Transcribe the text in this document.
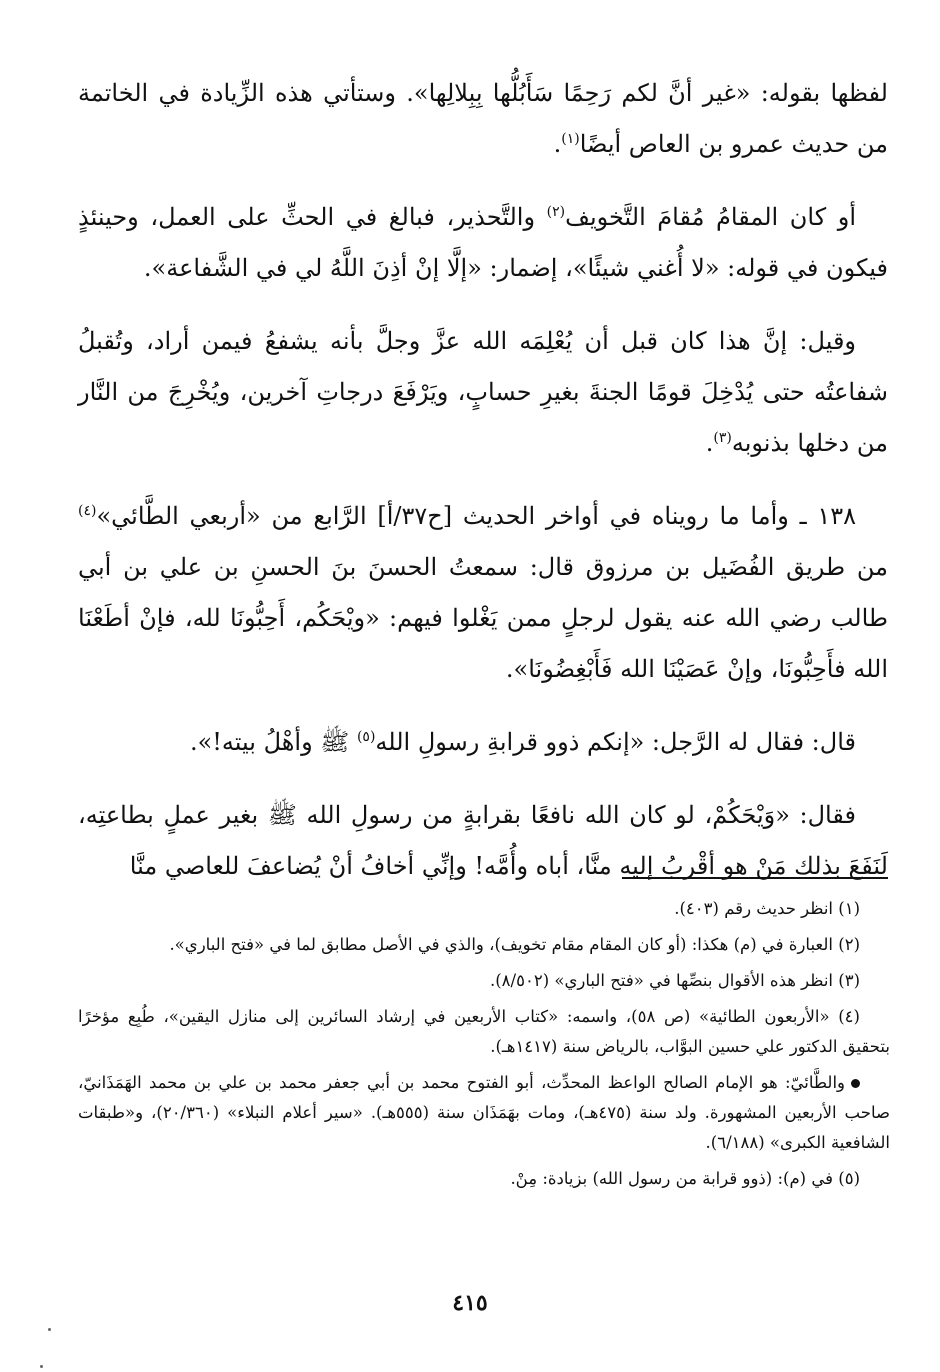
لفظها بقوله: «غير أنَّ لكم رَحِمًا سَأَبُلُّها بِبِلالِها». وستأتي هذه الزِّيادة في الخاتمة من حديث عمرو بن العاص أيضًا$^{(١)}$.

أو كان المقامُ مُقامَ التَّخويف$^{(٢)}$ والتَّحذير، فبالغ في الحثِّ على العمل، وحينئذٍ فيكون في قوله: «لا أُغني شيئًا»، إضمار: «إلَّا إنْ أذِنَ اللَّهُ لي في الشَّفاعة».

وقيل: إنَّ هذا كان قبل أن يُعْلِمَه الله عزَّ وجلَّ بأنه يشفعُ فيمن أراد، وتُقبلُ شفاعتُه حتى يُدْخِلَ قومًا الجنةَ بغيرِ حسابٍ، ويَرْفَعَ درجاتِ آخرين، ويُخْرِجَ من النَّار من دخلها بذنوبه$^{(٣)}$.

١٣٨ ـ وأما ما رويناه في أواخر الحديث [ح٣٧/أ] الرَّابع من «أربعي الطَّائي»$^{(٤)}$ من طريق الفُضَيل بن مرزوق قال: سمعتُ الحسنَ بنَ الحسنِ بن علي بن أبي طالب رضي الله عنه يقول لرجلٍ ممن يَغْلوا فيهم: «ويْحَكُم، أَحِبُّونَا لله، فإنْ أطَعْنَا الله فأَحِبُّونَا، وإنْ عَصَيْنَا الله فَأَبْغِضُونَا».

قال: فقال له الرَّجل: «إنكم ذوو قرابةِ رسولِ الله$^{(٥)}$ ﷺ وأهْلُ بيته!».

فقال: «وَيْحَكُمْ، لو كان الله نافعًا بقرابةٍ من رسولِ الله ﷺ بغير عملٍ بطاعتِه، لَنَفَعَ بذلك مَنْ هو أقْربُ إليه منَّا، أباه وأُمَّه! وإنِّي أخافُ أنْ يُضاعفَ للعاصي منَّا

(١) انظر حديث رقم (٤٠٣).

(٢) العبارة في (م) هكذا: (أو كان المقام مقام تخويف)، والذي في الأصل مطابق لما في «فتح الباري».

(٣) انظر هذه الأقوال بنصِّها في «فتح الباري» (٨/٥٠٢).

(٤) «الأربعون الطائية» (ص ٥٨)، واسمه: «كتاب الأربعين في إرشاد السائرين إلى منازل اليقين»، طُبِع مؤخرًا بتحقيق الدكتور علي حسين البوَّاب، بالرياض سنة (١٤١٧هـ).

والطَّائيّ: هو الإمام الصالح الواعظ المحدِّث، أبو الفتوح محمد بن أبي جعفر محمد بن علي بن محمد الهَمَذَانيّ، صاحب الأربعين المشهورة. ولد سنة (٤٧٥هـ)، ومات بهَمَذَان سنة (٥٥٥هـ). «سير أعلام النبلاء» (٢٠/٣٦٠)، و«طبقات الشافعية الكبرى» (٦/١٨٨).

(٥) في (م): (ذوو قرابة من رسول الله) بزيادة: مِنْ.

٤١٥
